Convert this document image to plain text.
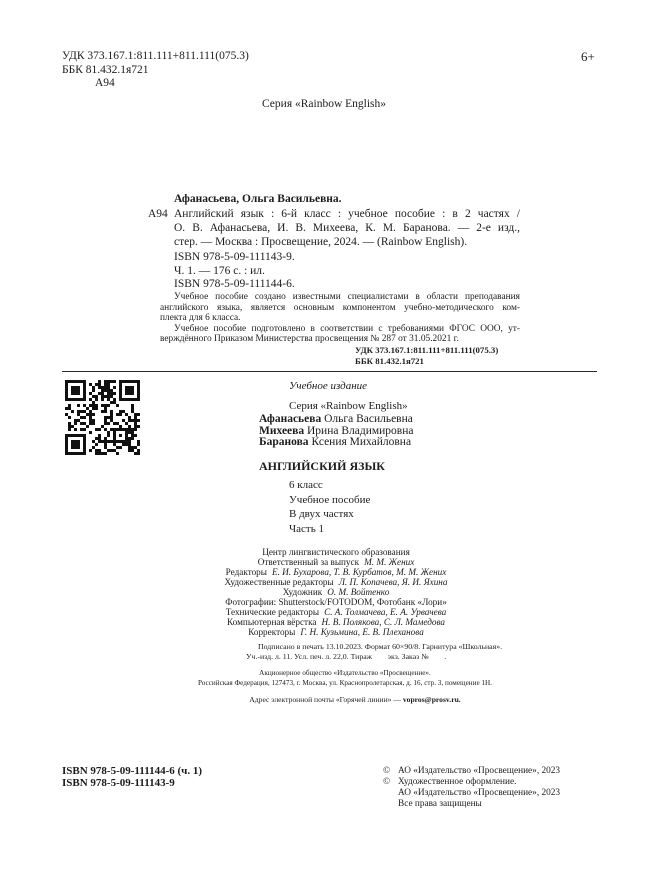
УДК 373.167.1:811.111+811.111(075.3)
ББК 81.432.1я721
А94
6+
Серия «Rainbow English»
Афанасьева, Ольга Васильевна.
А94 Английский язык : 6-й класс : учебное пособие : в 2 частях /
О. В. Афанасьева, И. В. Михеева, К. М. Баранова. — 2-е изд.,
стер. — Москва : Просвещение, 2024. — (Rainbow English).
ISBN 978-5-09-111143-9.
Ч. 1. — 176 с. : ил.
ISBN 978-5-09-111144-6.
Учебное пособие создано известными специалистами в области преподавания
английского языка, является основным компонентом учебно-методического ком-
плекта для 6 класса.
Учебное пособие подготовлено в соответствии с требованиями ФГОС ООО, ут-
верждённого Приказом Министерства просвещения № 287 от 31.05.2021 г.
УДК 373.167.1:811.111+811.111(075.3)
ББК 81.432.1я721
Учебное издание
Серия «Rainbow English»
Афанасьева Ольга Васильевна
Михеева Ирина Владимировна
Баранова Ксения Михайловна
АНГЛИЙСКИЙ ЯЗЫК
6 класс
Учебное пособие
В двух частях
Часть 1
Центр лингвистического образования
Ответственный за выпуск М. М. Жених
Редакторы Е. И. Бухарова, Т. В. Курбатов, М. М. Жених
Художественные редакторы Л. П. Копачева, Я. И. Яхина
Художник О. М. Войтенко
Фотографии: Shutterstock/FOTODOM, Фотобанк «Лори»
Технические редакторы С. А. Толмачева, Е. А. Урвачева
Компьютерная вёрстка Н. В. Полякова, С. Л. Мамедова
Корректоры Г. Н. Кузьмина, Е. В. Плеханова
Подписано в печать 13.10.2023. Формат 60×90/8. Гарнитура «Школьная».
Уч.-изд. л. 11. Усл. печ. л. 22,0. Тираж        экз. Заказ №        .
Акционерное общество «Издательство «Просвещение».
Российская Федерация, 127473, г. Москва, ул. Краснопролетарская, д. 16, стр. 3, помещение 1Н.
Адрес электронной почты «Горячей линии» — vopros@prosv.ru.
ISBN 978-5-09-111144-6 (ч. 1)
ISBN 978-5-09-111143-9
© АО «Издательство «Просвещение», 2023
© Художественное оформление.
АО «Издательство «Просвещение», 2023
Все права защищены
